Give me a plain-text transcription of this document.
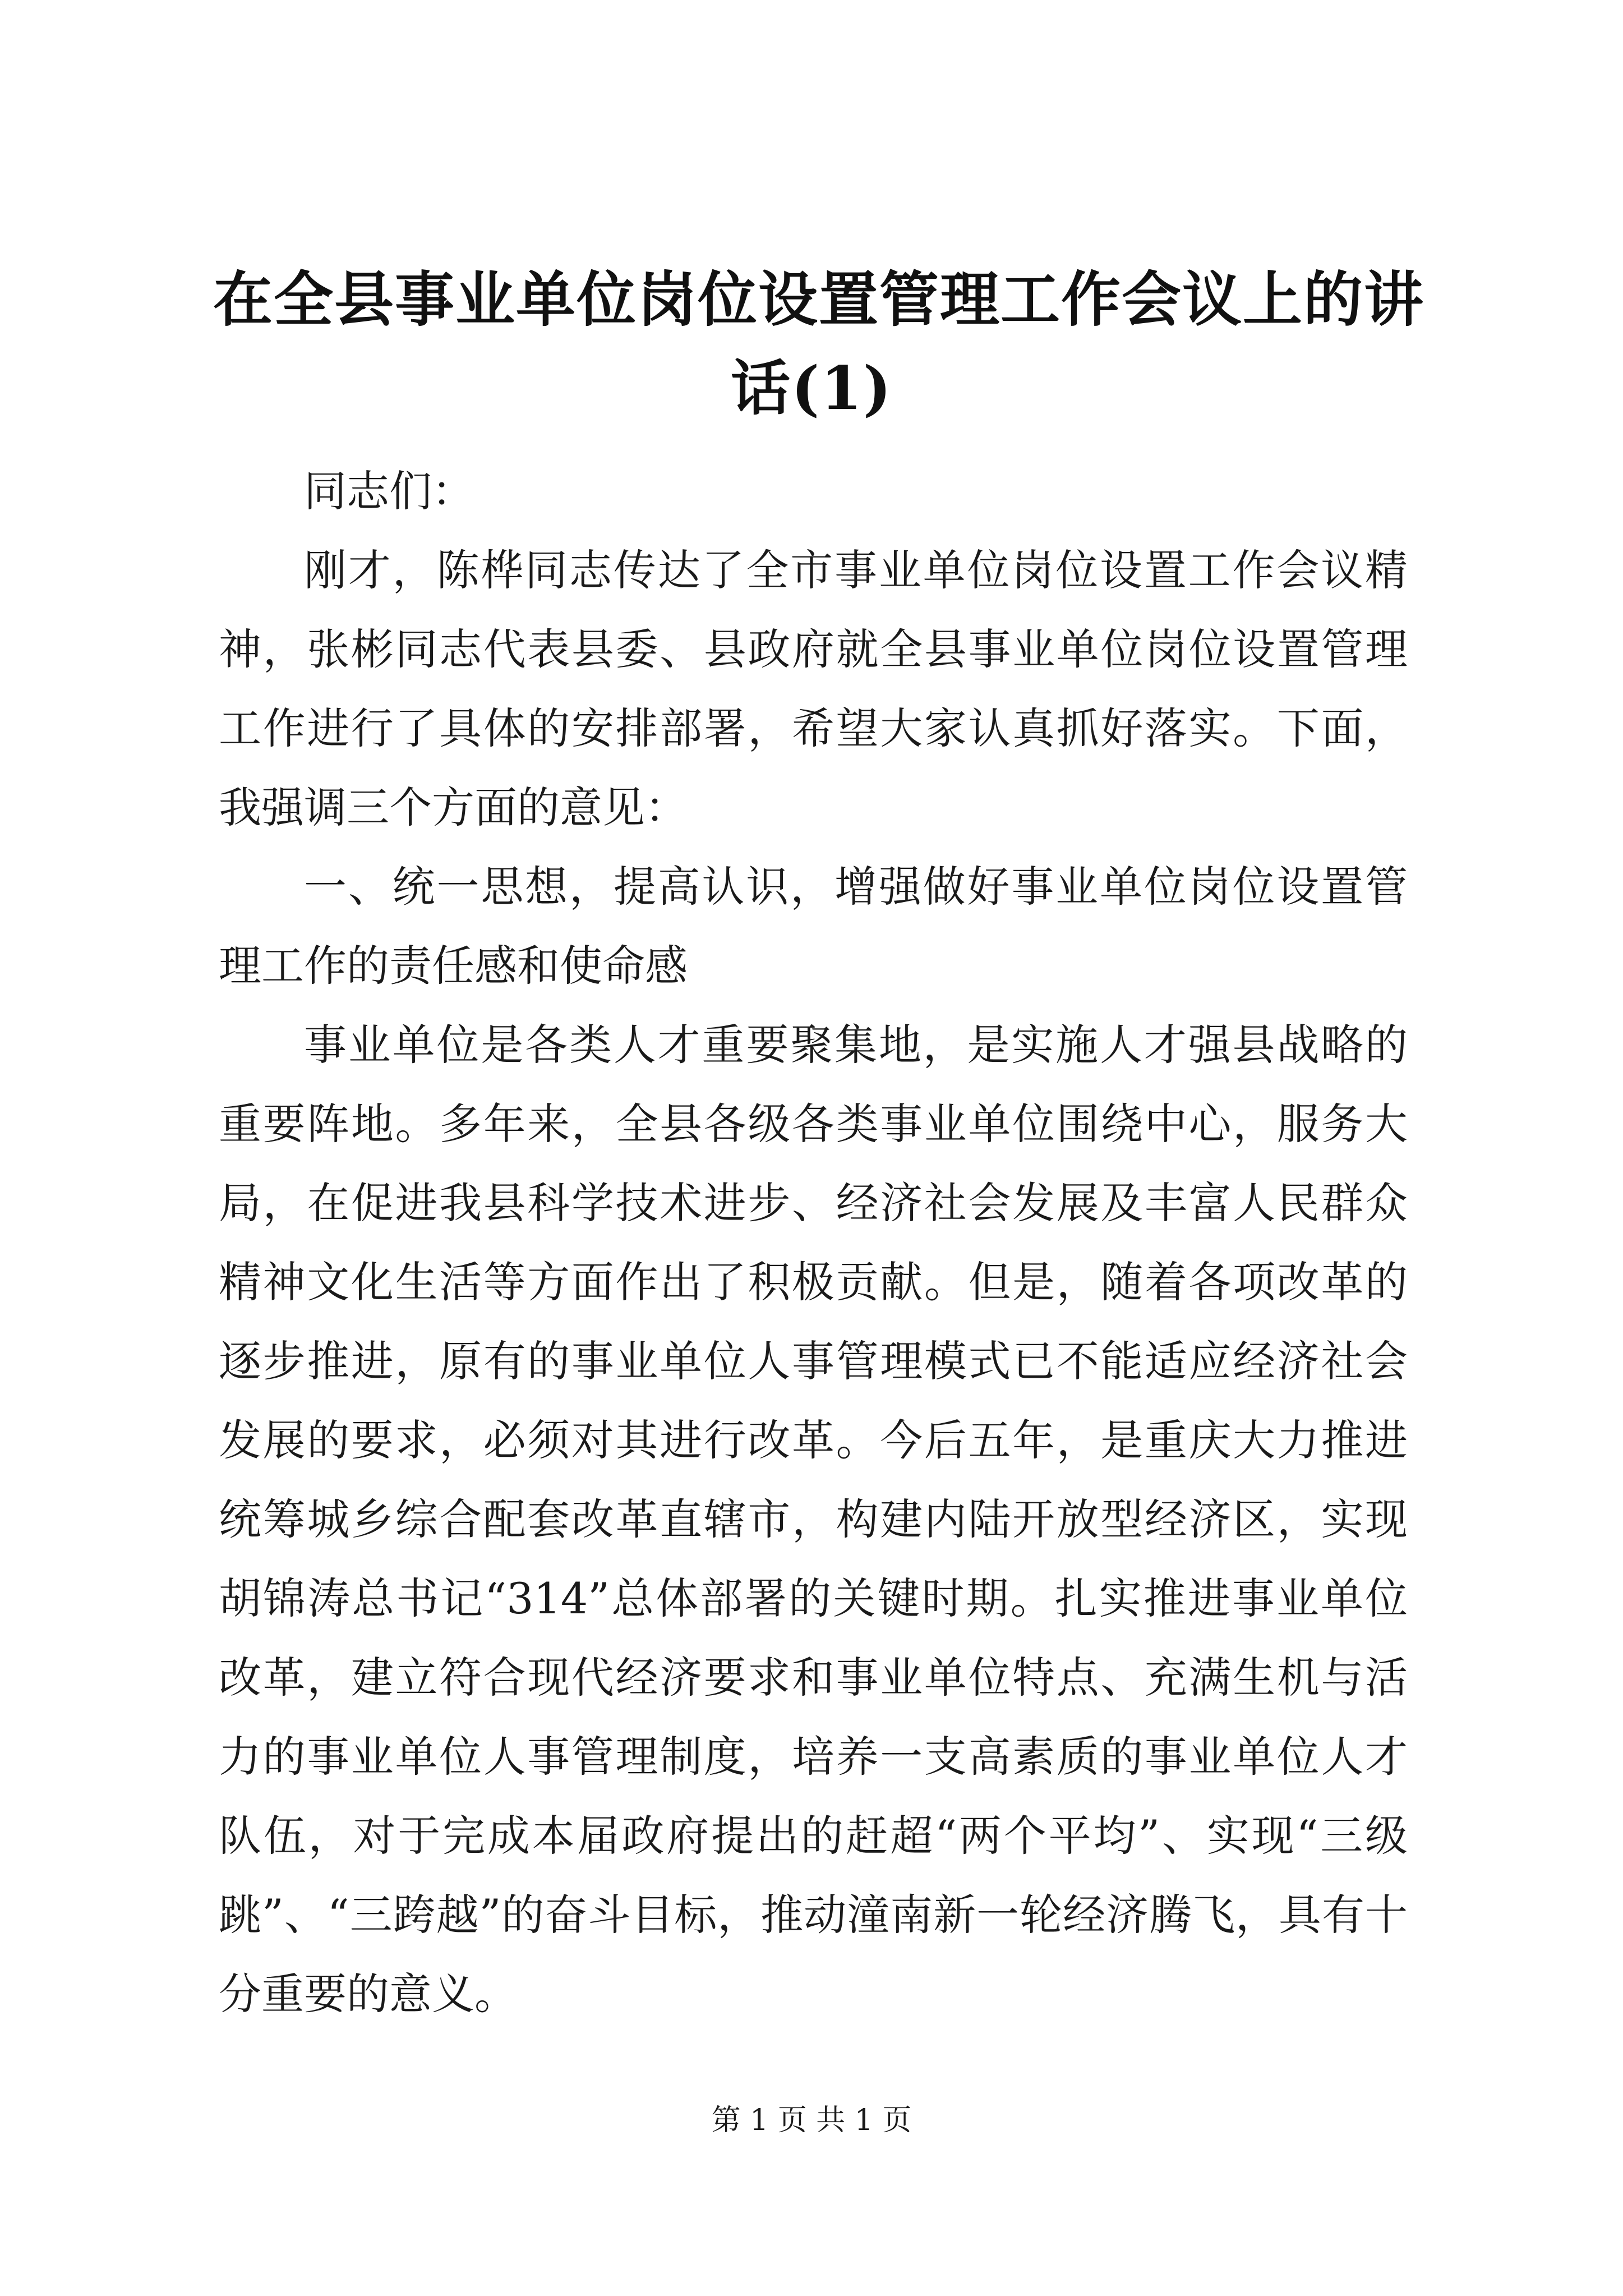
在全县事业单位岗位设置管理工作会议上的讲
话(1)

同志们：

刚才，陈桦同志传达了全市事业单位岗位设置工作会议精神，张彬同志代表县委、县政府就全县事业单位岗位设置管理工作进行了具体的安排部署，希望大家认真抓好落实。下面，我强调三个方面的意见：

一、统一思想，提高认识，增强做好事业单位岗位设置管理工作的责任感和使命感

事业单位是各类人才重要聚集地，是实施人才强县战略的重要阵地。多年来，全县各级各类事业单位围绕中心，服务大局，在促进我县科学技术进步、经济社会发展及丰富人民群众精神文化生活等方面作出了积极贡献。但是，随着各项改革的逐步推进，原有的事业单位人事管理模式已不能适应经济社会发展的要求，必须对其进行改革。今后五年，是重庆大力推进统筹城乡综合配套改革直辖市，构建内陆开放型经济区，实现胡锦涛总书记“314”总体部署的关键时期。扎实推进事业单位改革，建立符合现代经济要求和事业单位特点、充满生机与活力的事业单位人事管理制度，培养一支高素质的事业单位人才队伍，对于完成本届政府提出的赶超“两个平均”、实现“三级跳”、“三跨越”的奋斗目标，推动潼南新一轮经济腾飞，具有十分重要的意义。

第 1 页 共 1 页
